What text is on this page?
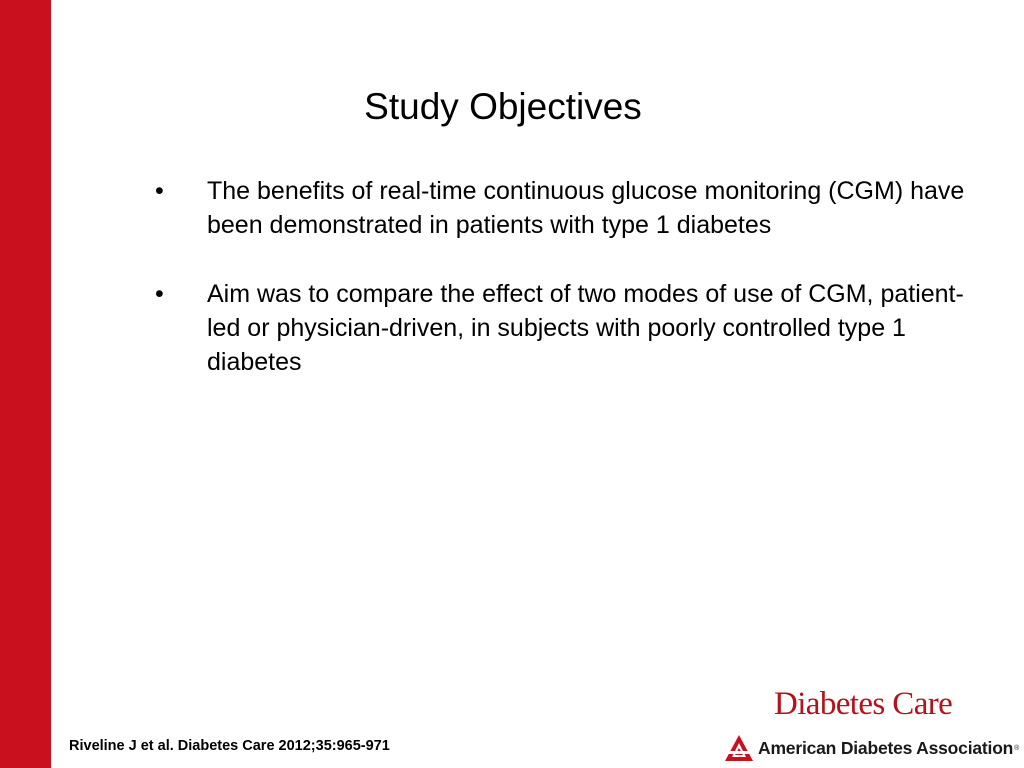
Study Objectives
• The benefits of real-time continuous glucose monitoring (CGM) have been demonstrated in patients with type 1 diabetes
• Aim was to compare the effect of two modes of use of CGM, patient-led or physician-driven, in subjects with poorly controlled type 1 diabetes
Riveline J et al. Diabetes Care 2012;35:965-971
Diabetes Care
American Diabetes Association ®
